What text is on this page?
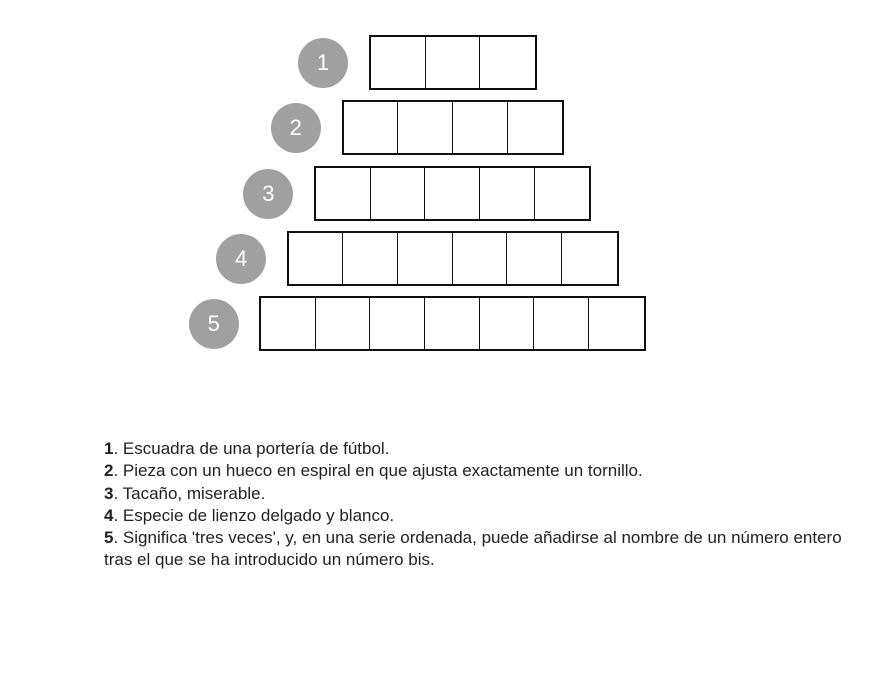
1
2
3
4
5
1. Escuadra de una portería de fútbol.
2. Pieza con un hueco en espiral en que ajusta exactamente un tornillo.
3. Tacaño, miserable.
4. Especie de lienzo delgado y blanco.
5. Significa 'tres veces', y, en una serie ordenada, puede añadirse al nombre de un número entero tras el que se ha introducido un número bis.
